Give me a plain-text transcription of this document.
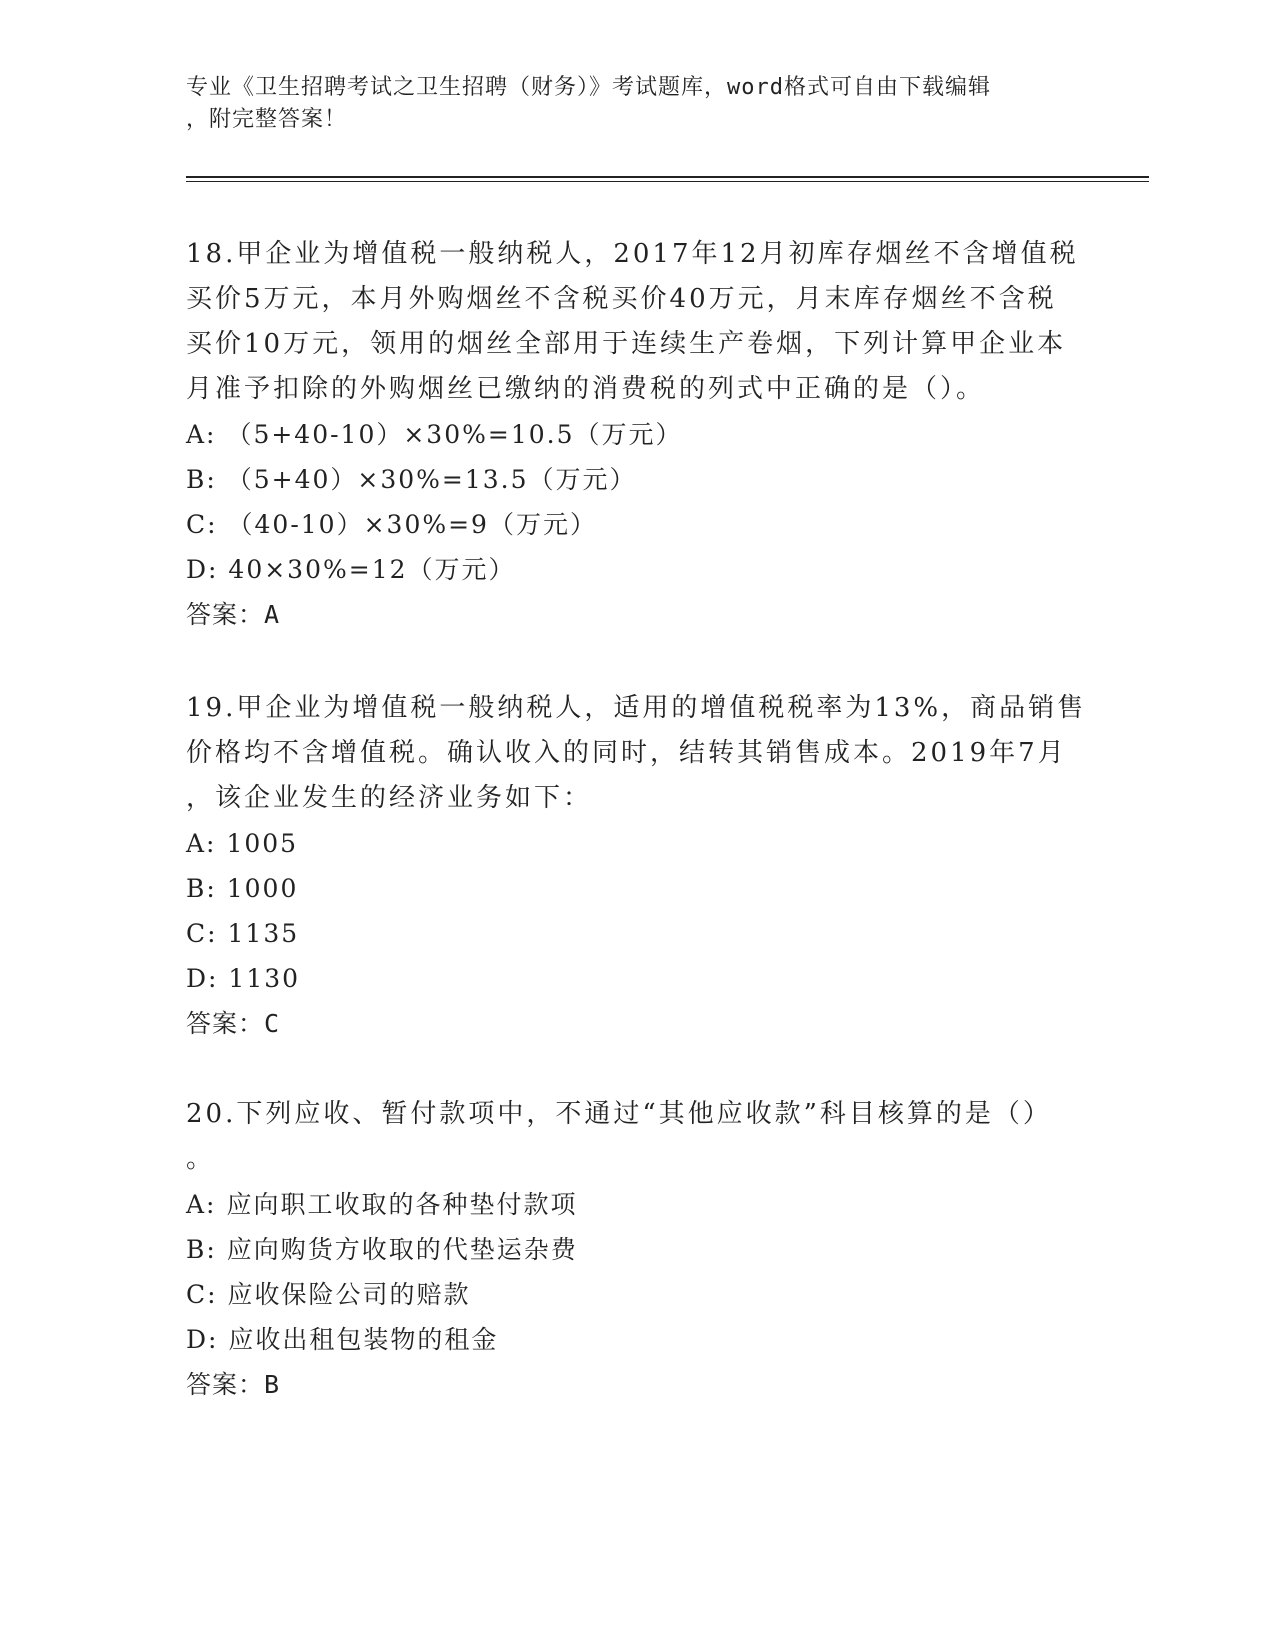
专业《卫生招聘考试之卫生招聘（财务）》考试题库，word格式可自由下载编辑
，附完整答案！
18.甲企业为增值税一般纳税人，2017年12月初库存烟丝不含增值税
买价5万元，本月外购烟丝不含税买价40万元，月末库存烟丝不含税
买价10万元，领用的烟丝全部用于连续生产卷烟，下列计算甲企业本
月准予扣除的外购烟丝已缴纳的消费税的列式中正确的是（）。
A: （5+40-10）×30%=10.5（万元）
B: （5+40）×30%=13.5（万元）
C: （40-10）×30%=9（万元）
D: 40×30%=12（万元）
答案：A
19.甲企业为增值税一般纳税人，适用的增值税税率为13%，商品销售
价格均不含增值税。确认收入的同时，结转其销售成本。2019年7月
，该企业发生的经济业务如下：
A: 1005
B: 1000
C: 1135
D: 1130
答案：C
20.下列应收、暂付款项中，不通过“其他应收款”科目核算的是（）
。
A: 应向职工收取的各种垫付款项
B: 应向购货方收取的代垫运杂费
C: 应收保险公司的赔款
D: 应收出租包装物的租金
答案：B
